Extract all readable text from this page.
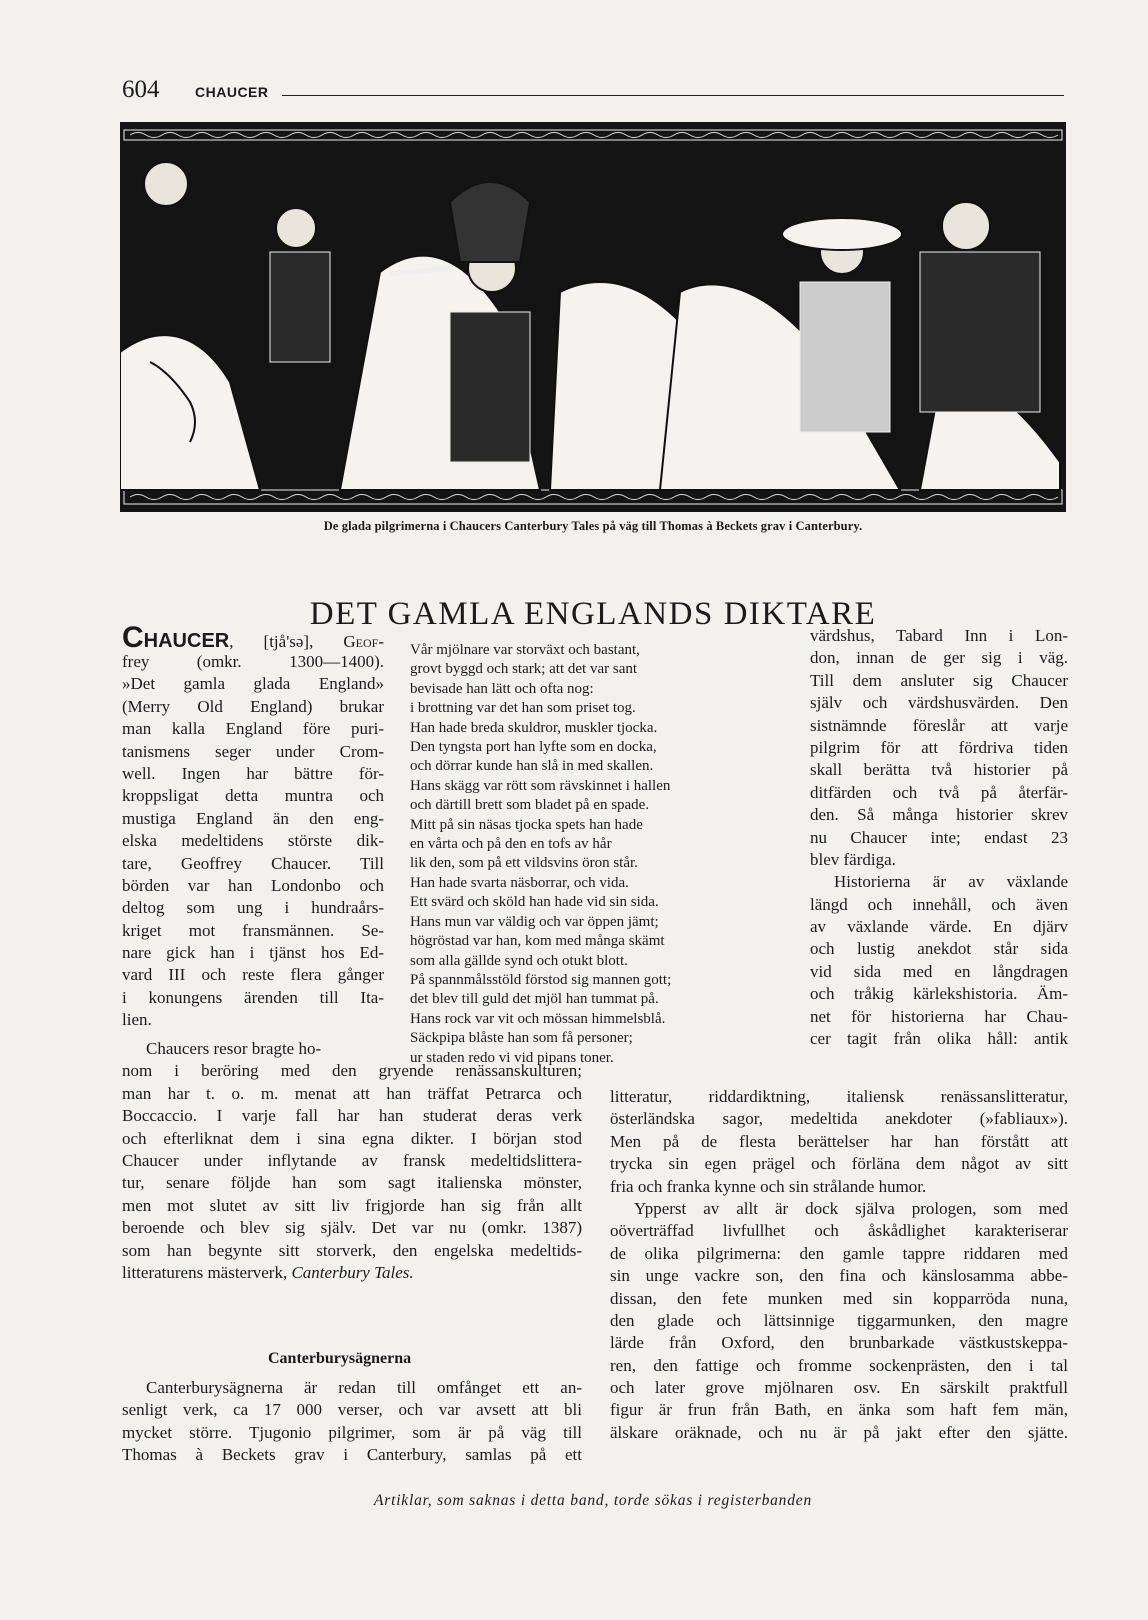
604	CHAUCER
De glada pilgrimerna i Chaucers Canterbury Tales på väg till Thomas à Beckets grav i Canterbury.
DET GAMLA ENGLANDS DIKTARE
CHAUCER, [tjå'sə], Geof-
frey (omkr. 1300—1400).
»Det gamla glada England»
(Merry Old England) brukar
man kalla England före puri-
tanismens seger under Crom-
well. Ingen har bättre för-
kroppsligat detta muntra och
mustiga England än den eng-
elska medeltidens störste dik-
tare, Geoffrey Chaucer. Till
börden var han Londonbo och
deltog som ung i hundraårs-
kriget mot fransmännen. Se-
nare gick han i tjänst hos Ed-
vard III och reste flera gånger
i konungens ärenden till Ita-
lien.
Chaucers resor bragte ho-
nom i beröring med den gryende renässanskulturen;
man har t. o. m. menat att han träffat Petrarca och
Boccaccio. I varje fall har han studerat deras verk
och efterliknat dem i sina egna dikter. I början stod
Chaucer under inflytande av fransk medeltidslittera-
tur, senare följde han som sagt italienska mönster,
men mot slutet av sitt liv frigjorde han sig från allt
beroende och blev sig själv. Det var nu (omkr. 1387)
som han begynte sitt storverk, den engelska medeltids-
litteraturens mästerverk, Canterbury Tales.
Canterburysägnerna
Canterburysägnerna är redan till omfånget ett an-
senligt verk, ca 17 000 verser, och var avsett att bli
mycket större. Tjugonio pilgrimer, som är på väg till
Thomas à Beckets grav i Canterbury, samlas på ett
Vår mjölnare var storväxt och bastant,
grovt byggd och stark; att det var sant
bevisade han lätt och ofta nog:
i brottning var det han som priset tog.
Han hade breda skuldror, muskler tjocka.
Den tyngsta port han lyfte som en docka,
och dörrar kunde han slå in med skallen.
Hans skägg var rött som rävskinnet i hallen
och därtill brett som bladet på en spade.
Mitt på sin näsas tjocka spets han hade
en vårta och på den en tofs av hår
lik den, som på ett vildsvins öron står.
Han hade svarta näsborrar, och vida.
Ett svärd och sköld han hade vid sin sida.
Hans mun var väldig och var öppen jämt;
högröstad var han, kom med många skämt
som alla gällde synd och otukt blott.
På spannmålsstöld förstod sig mannen gott;
det blev till guld det mjöl han tummat på.
Hans rock var vit och mössan himmelsblå.
Säckpipa blåste han som få personer;
ur staden redo vi vid pipans toner.
värdshus, Tabard Inn i Lon-
don, innan de ger sig i väg.
Till dem ansluter sig Chaucer
själv och värdshusvärden. Den
sistnämnde föreslår att varje
pilgrim för att fördriva tiden
skall berätta två historier på
ditfärden och två på återfär-
den. Så många historier skrev
nu Chaucer inte; endast 23
blev färdiga.
Historierna är av växlande
längd och innehåll, och även
av växlande värde. En djärv
och lustig anekdot står sida
vid sida med en långdragen
och tråkig kärlekshistoria. Äm-
net för historierna har Chau-
cer tagit från olika håll: antik
litteratur, riddardiktning, italiensk renässanslitteratur,
österländska sagor, medeltida anekdoter (»fabliaux»).
Men på de flesta berättelser har han förstått att
trycka sin egen prägel och förläna dem något av sitt
fria och franka kynne och sin strålande humor.
Ypperst av allt är dock själva prologen, som med
oöverträffad livfullhet och åskådlighet karakteriserar
de olika pilgrimerna: den gamle tappre riddaren med
sin unge vackre son, den fina och känslosamma abbe-
dissan, den fete munken med sin kopparröda nuna,
den glade och lättsinnige tiggarmunken, den magre
lärde från Oxford, den brunbarkade västkustskeppa-
ren, den fattige och fromme sockenprästen, den i tal
och later grove mjölnaren osv. En särskilt praktfull
figur är frun från Bath, en änka som haft fem män,
älskare oräknade, och nu är på jakt efter den sjätte.
Artiklar, som saknas i detta band, torde sökas i registerbanden
